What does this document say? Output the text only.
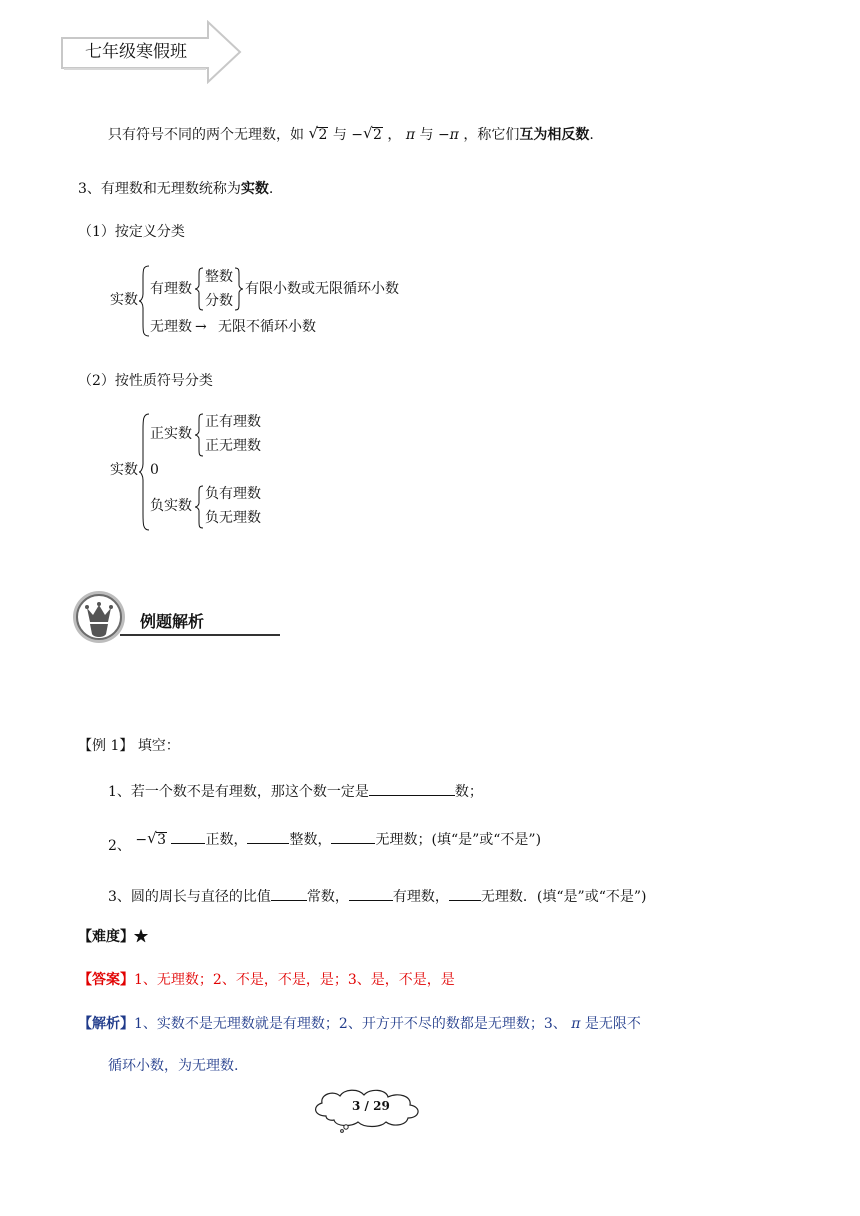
七年级寒假班
只有符号不同的两个无理数，如 √ 2 与 − √ 2 ， π 与 −π ，称它们互为相反数.
3、有理数和无理数统称为实数.
（1）按定义分类
实数
有理数
整数
分数
有限小数或无限循环小数
无理数 → 无限不循环小数
（2）按性质符号分类
实数
正实数
正有理数
正无理数
0
负实数
负有理数
负无理数
例题解析
【例 1】 填空：
1、若一个数不是有理数，那这个数一定是	数；
2、 − √ 3	正数，	整数，	无理数；(填“是”或“不是”)
3、圆的周长与直径的比值	常数，	有理数， 无理数．(填“是”或“不是”)
【难度】★
【答案】1、无理数；2、不是，不是，是；3、是，不是，是
【解析】1、实数不是无理数就是有理数；2、开方开不尽的数都是无理数；3、 π 是无限不
循环小数，为无理数.
3 / 29
